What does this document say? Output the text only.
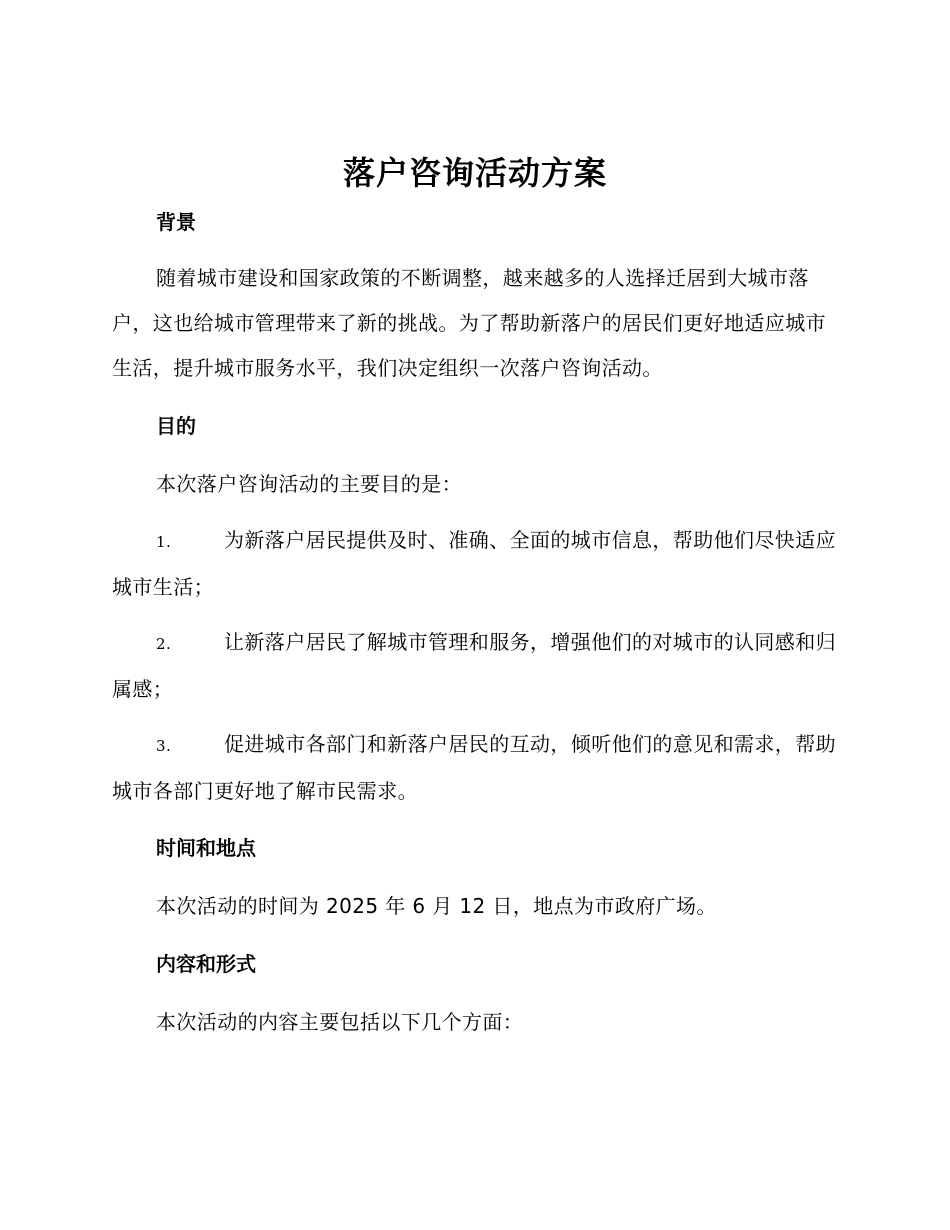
落户咨询活动方案
背景
随着城市建设和国家政策的不断调整，越来越多的人选择迁居到大城市落户，这也给城市管理带来了新的挑战。为了帮助新落户的居民们更好地适应城市生活，提升城市服务水平，我们决定组织一次落户咨询活动。
目的
本次落户咨询活动的主要目的是：
1.	为新落户居民提供及时、准确、全面的城市信息，帮助他们尽快适应城市生活；
2.	让新落户居民了解城市管理和服务，增强他们的对城市的认同感和归属感；
3.	促进城市各部门和新落户居民的互动，倾听他们的意见和需求，帮助城市各部门更好地了解市民需求。
时间和地点
本次活动的时间为 2025 年 6 月 12 日，地点为市政府广场。
内容和形式
本次活动的内容主要包括以下几个方面：
